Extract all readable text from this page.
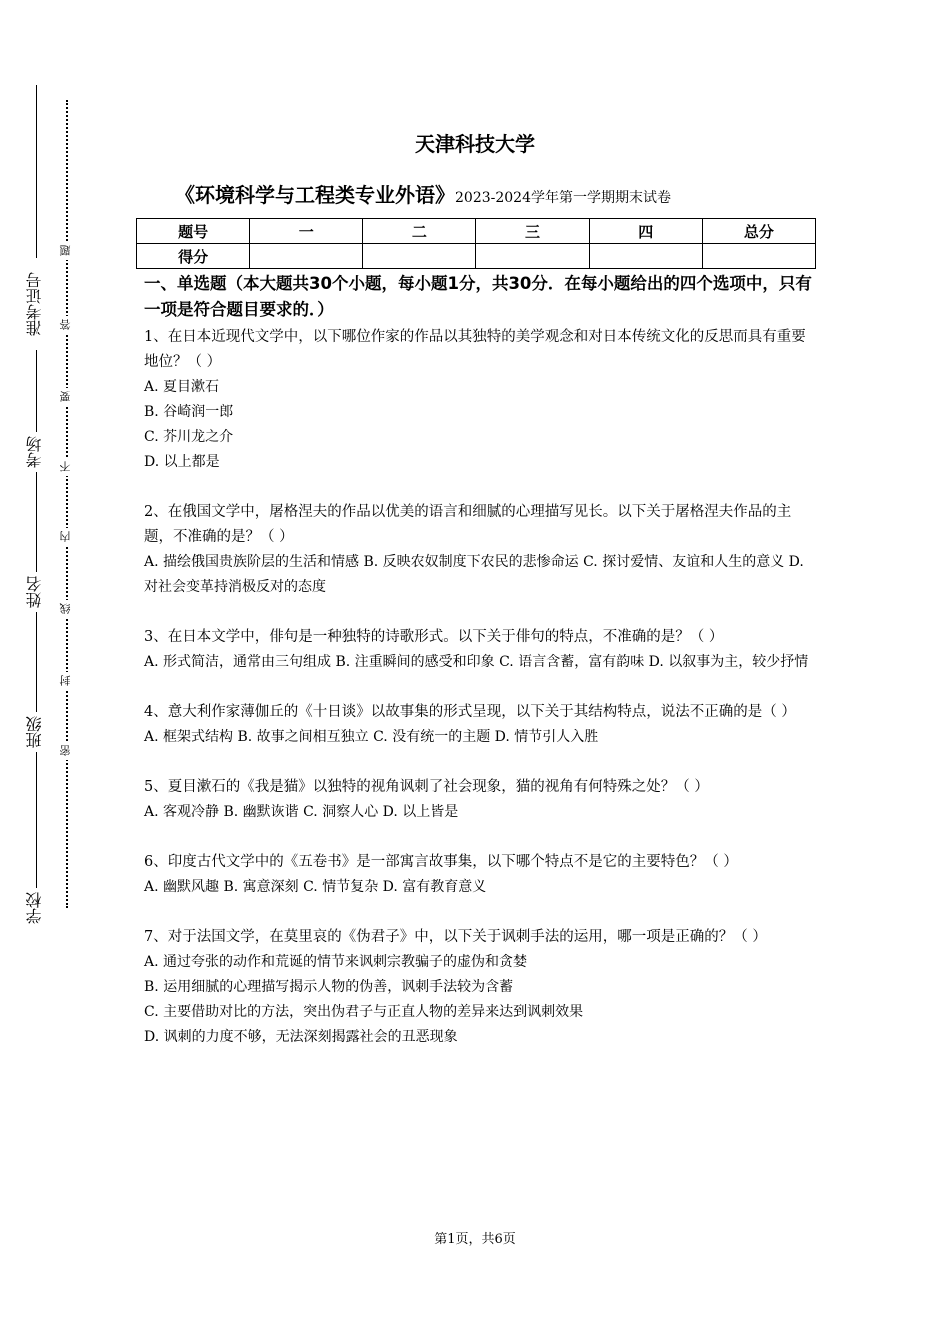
准考证号
考场
姓名
班级
学校
题
答
要
不
内
线
封
密
天津科技大学
《环境科学与工程类专业外语》2023-2024学年第一学期期末试卷
题号	一	二	三	四	总分
得分					

一、单选题（本大题共30个小题，每小题1分，共30分．在每小题给出的四个选项中，只有一项是符合题目要求的．）

1、在日本近现代文学中，以下哪位作家的作品以其独特的美学观念和对日本传统文化的反思而具有重要地位？（ ）

A. 夏目漱石

B. 谷崎润一郎

C. 芥川龙之介

D. 以上都是

2、在俄国文学中，屠格涅夫的作品以优美的语言和细腻的心理描写见长。以下关于屠格涅夫作品的主题，不准确的是？（ ）

A. 描绘俄国贵族阶层的生活和情感 B. 反映农奴制度下农民的悲惨命运 C. 探讨爱情、友谊和人生的意义 D. 对社会变革持消极反对的态度

3、在日本文学中，俳句是一种独特的诗歌形式。以下关于俳句的特点，不准确的是？（ ）

A. 形式简洁，通常由三句组成 B. 注重瞬间的感受和印象 C. 语言含蓄，富有韵味 D. 以叙事为主，较少抒情

4、意大利作家薄伽丘的《十日谈》以故事集的形式呈现，以下关于其结构特点，说法不正确的是（ ）

A. 框架式结构 B. 故事之间相互独立 C. 没有统一的主题 D. 情节引人入胜

5、夏目漱石的《我是猫》以独特的视角讽刺了社会现象，猫的视角有何特殊之处？（ ）

A. 客观冷静 B. 幽默诙谐 C. 洞察人心 D. 以上皆是

6、印度古代文学中的《五卷书》是一部寓言故事集，以下哪个特点不是它的主要特色？（ ）

A. 幽默风趣 B. 寓意深刻 C. 情节复杂 D. 富有教育意义

7、对于法国文学，在莫里哀的《伪君子》中，以下关于讽刺手法的运用，哪一项是正确的？（ ）

A. 通过夸张的动作和荒诞的情节来讽刺宗教骗子的虚伪和贪婪

B. 运用细腻的心理描写揭示人物的伪善，讽刺手法较为含蓄

C. 主要借助对比的方法，突出伪君子与正直人物的差异来达到讽刺效果

D. 讽刺的力度不够，无法深刻揭露社会的丑恶现象

第1页，共6页
